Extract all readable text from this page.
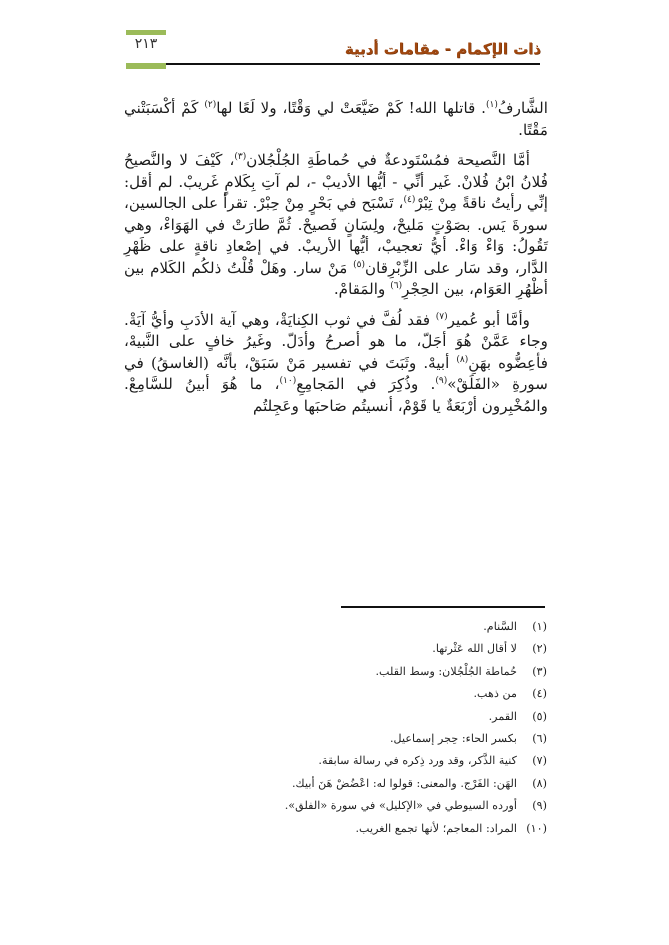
٢١٣	ذات الإكمام - مقامات أدبية

الشَّارفُ$^{(١)}$. قاتلها الله! كَمْ ضَيَّعَتْ لي وَقْتًا، ولا لَعًا لها$^{(٢)}$ كَمْ أكْسَبَتْني مَقْتًا.

أمَّا النَّصيحة فمُسْتَودعةٌ في حُماطَةِ الجُلْجُلان$^{(٣)}$، كَيْفَ لا والنَّصيحُ فُلانُ ابْنُ فُلانْ. غَير أنِّي - أيُّها الأديبْ -، لم آتِ بِكَلامٍ غَريبْ. لم أقل: إنِّي رأيتُ ناقةً مِنْ تِبْرْ$^{(٤)}$، تَسْبَح في بَحْرٍ مِنْ حِبْرْ. تقرأ على الجالسين، سورةَ يَس. بصَوْتٍ مَليحْ، ولِسَانٍ فَصيحْ. ثُمَّ طارَتْ في الهَوَاءْ، وهي تَقُولُ: وَاءْ وَاءْ. أيُّ تعجيبْ، أيُّها الأريبْ. في إصْعادِ ناقةٍ على ظَهْرِ الدَّار، وقد سَار على الزِّبْرِقان$^{(٥)}$ مَنْ سار. وهَلْ قُلْتُ ذلكُم الكَلام بين أظْهُرِ العَوَام، بين الحِجْرِ$^{(٦)}$ والمَقامْ.

وأمَّا أبو عُمير$^{(٧)}$ فقد لُفَّ في ثوب الكِنايَةْ، وهي آية الأدَبِ وأيُّ آيَةْ. وجاء عَمَّنْ هُوَ أجَلّ، ما هو أصرحُ وأدَلّ. وغَيرُ خافٍ على النَّبيهْ، فأعِضُّوه بهَنِ$^{(٨)}$ أبيهْ. وثَبَتَ في تفسير مَنْ سَبَقْ، بأنَّه (الغاسقُ) في سورةِ «الفَلَقْ»$^{(٩)}$. وذُكِرَ في المَجامِعِ$^{(١٠)}$، ما هُوَ أبينُ للسَّامِعْ. والمُخْبِرون أرْبَعَةٌ يا قَوْمْ، أنسيتُم صَاحبَها وعَجِلتُم

(١)
السَّنام.
(٢)
لا أقال الله عَثْرتها.
(٣)
حُماطة الجُلْجُلان: وسط القلب.
(٤)
من ذهب.
(٥)
القمر.
(٦)
بكسر الحاء: حِجر إسماعيل.
(٧)
كنية الذَّكر، وقد ورد ذِكره في رسالة سابقة.
(٨)
الهَن: الفَرْج. والمعنى: قولوا له: اعْضُضْ هَنَ أبيك.
(٩)
أورده السيوطي في «الإكليل» في سورة «الفلق».
(١٠)
المراد: المعاجم؛ لأنها تجمع الغريب.
